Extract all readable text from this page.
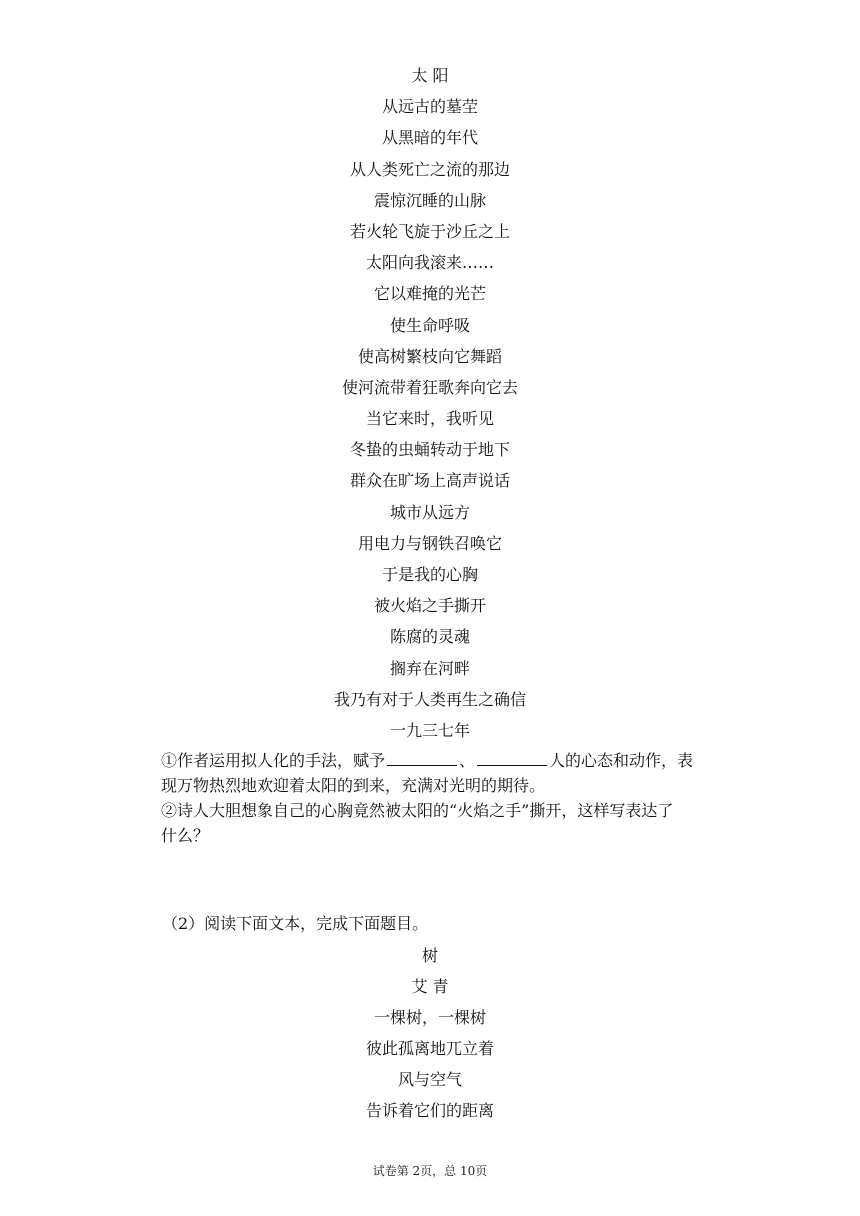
太 阳
从远古的墓茔
从黑暗的年代
从人类死亡之流的那边
震惊沉睡的山脉
若火轮飞旋于沙丘之上
太阳向我滚来……
它以难掩的光芒
使生命呼吸
使高树繁枝向它舞蹈
使河流带着狂歌奔向它去
当它来时，我听见
冬蛰的虫蛹转动于地下
群众在旷场上高声说话
城市从远方
用电力与钢铁召唤它
于是我的心胸
被火焰之手撕开
陈腐的灵魂
搁弃在河畔
我乃有对于人类再生之确信
一九三七年
①作者运用拟人化的手法，赋予	、	人的心态和动作，表
现万物热烈地欢迎着太阳的到来，充满对光明的期待。
②诗人大胆想象自己的心胸竟然被太阳的“火焰之手”撕开，这样写表达了
什么？
（2）阅读下面文本，完成下面题目。
树
艾 青
一棵树，一棵树
彼此孤离地兀立着
风与空气
告诉着它们的距离
试卷第 2页，总 10页
